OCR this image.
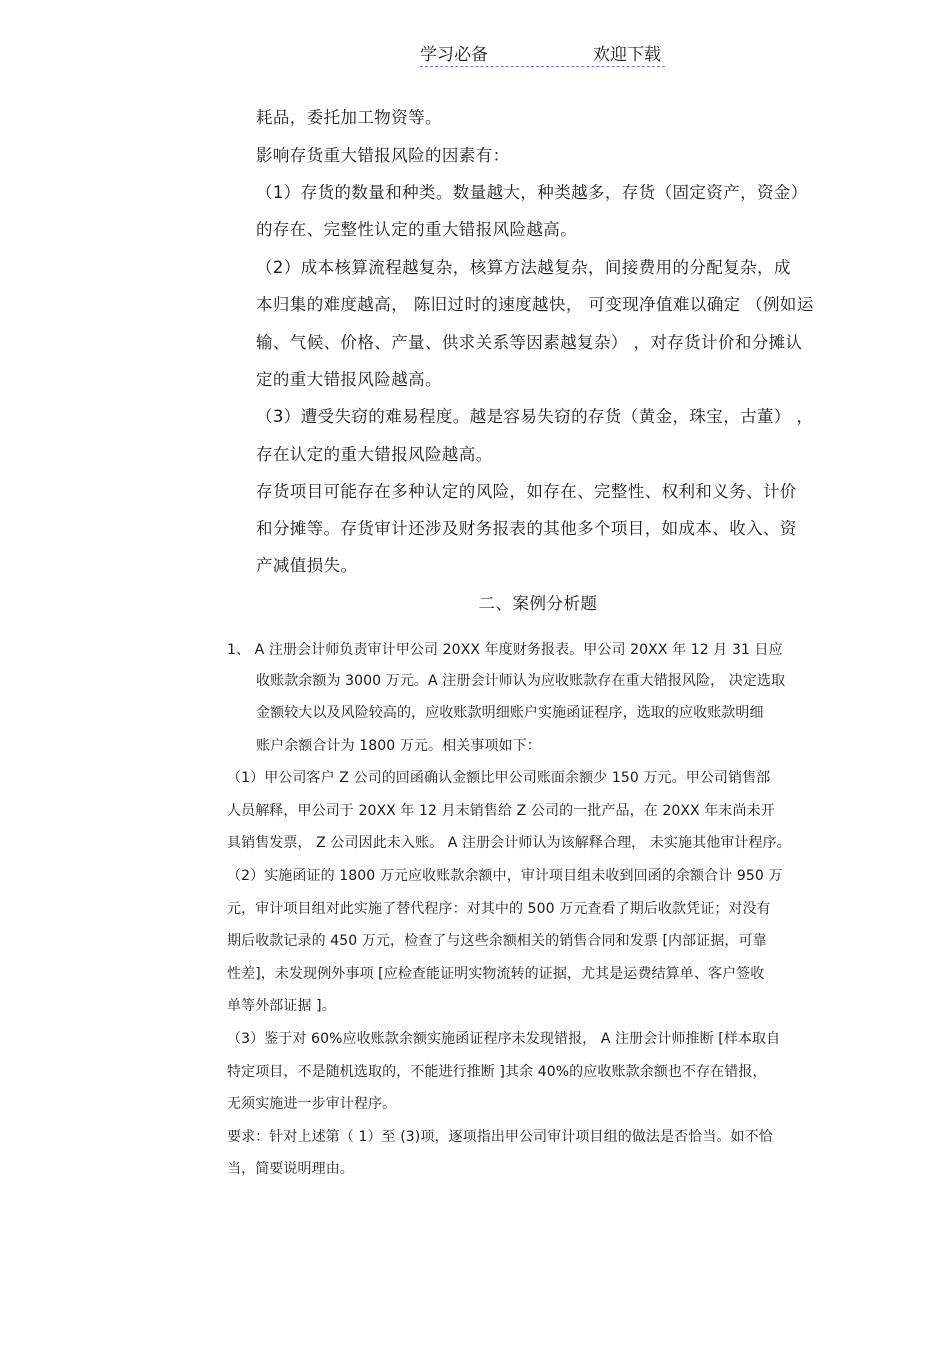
学习必备	欢迎下载
耗品，委托加工物资等。
影响存货重大错报风险的因素有：
（1）存货的数量和种类。数量越大，种类越多，存货（固定资产，资金）
的存在、完整性认定的重大错报风险越高。
（2）成本核算流程越复杂，核算方法越复杂，间接费用的分配复杂，成
本归集的难度越高， 陈旧过时的速度越快， 可变现净值难以确定 （例如运
输、气候、价格、产量、供求关系等因素越复杂） ，对存货计价和分摊认
定的重大错报风险越高。
（3）遭受失窃的难易程度。越是容易失窃的存货（黄金，珠宝，古董） ，
存在认定的重大错报风险越高。
存货项目可能存在多种认定的风险，如存在、完整性、权利和义务、计价
和分摊等。存货审计还涉及财务报表的其他多个项目，如成本、收入、资
产减值损失。
二、案例分析题
1、 A 注册会计师负责审计甲公司 20XX 年度财务报表。甲公司 20XX 年 12 月 31 日应
收账款余额为 3000 万元。A 注册会计师认为应收账款存在重大错报风险， 决定选取
金额较大以及风险较高的，应收账款明细账户实施函证程序，选取的应收账款明细
账户余额合计为 1800 万元。相关事项如下：
（1）甲公司客户 Z 公司的回函确认金额比甲公司账面余额少 150 万元。甲公司销售部
人员解释，甲公司于 20XX 年 12 月末销售给 Z 公司的一批产品，在 20XX 年末尚未开
具销售发票， Z 公司因此未入账。 A 注册会计师认为该解释合理， 未实施其他审计程序。
（2）实施函证的 1800 万元应收账款余额中，审计项目组未收到回函的余额合计 950 万
元，审计项目组对此实施了替代程序：对其中的 500 万元查看了期后收款凭证；对没有
期后收款记录的 450 万元，检查了与这些余额相关的销售合同和发票 [内部证据，可靠
性差]，未发现例外事项 [应检查能证明实物流转的证据，尤其是运费结算单、客户签收
单等外部证据 ]。
（3）鉴于对 60%应收账款余额实施函证程序未发现错报， A 注册会计师推断 [样本取自
特定项目，不是随机选取的，不能进行推断 ]其余 40%的应收账款余额也不存在错报，
无须实施进一步审计程序。
要求：针对上述第（ 1）至 (3)项，逐项指出甲公司审计项目组的做法是否恰当。如不恰
当，简要说明理由。
